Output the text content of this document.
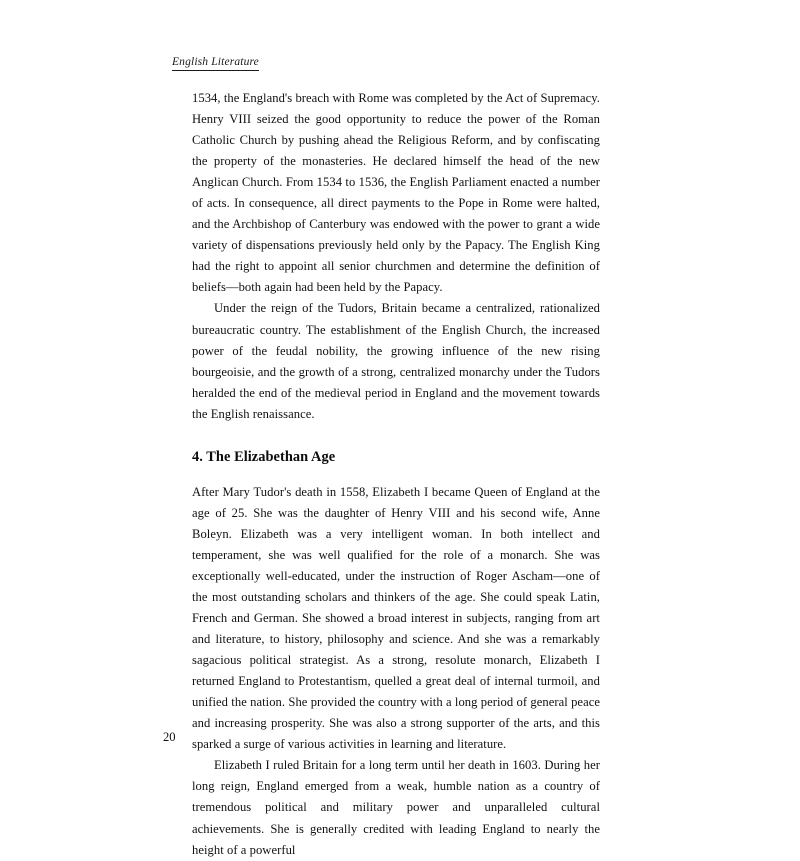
English Literature

1534, the England's breach with Rome was completed by the Act of Supremacy. Henry VIII seized the good opportunity to reduce the power of the Roman Catholic Church by pushing ahead the Religious Reform, and by confiscating the property of the monasteries. He declared himself the head of the new Anglican Church. From 1534 to 1536, the English Parliament enacted a number of acts. In consequence, all direct payments to the Pope in Rome were halted, and the Archbishop of Canterbury was endowed with the power to grant a wide variety of dispensations previously held only by the Papacy. The English King had the right to appoint all senior churchmen and determine the definition of beliefs—both again had been held by the Papacy.

Under the reign of the Tudors, Britain became a centralized, rationalized bureaucratic country. The establishment of the English Church, the increased power of the feudal nobility, the growing influence of the new rising bourgeoisie, and the growth of a strong, centralized monarchy under the Tudors heralded the end of the medieval period in England and the movement towards the English renaissance.

4. The Elizabethan Age

After Mary Tudor's death in 1558, Elizabeth I became Queen of England at the age of 25. She was the daughter of Henry VIII and his second wife, Anne Boleyn. Elizabeth was a very intelligent woman. In both intellect and temperament, she was well qualified for the role of a monarch. She was exceptionally well-educated, under the instruction of Roger Ascham—one of the most outstanding scholars and thinkers of the age. She could speak Latin, French and German. She showed a broad interest in subjects, ranging from art and literature, to history, philosophy and science. And she was a remarkably sagacious political strategist. As a strong, resolute monarch, Elizabeth I returned England to Protestantism, quelled a great deal of internal turmoil, and unified the nation. She provided the country with a long period of general peace and increasing prosperity. She was also a strong supporter of the arts, and this sparked a surge of various activities in learning and literature.

Elizabeth I ruled Britain for a long term until her death in 1603. During her long reign, England emerged from a weak, humble nation as a country of tremendous political and military power and unparalleled cultural achievements. She is generally credited with leading England to nearly the height of a powerful

20
